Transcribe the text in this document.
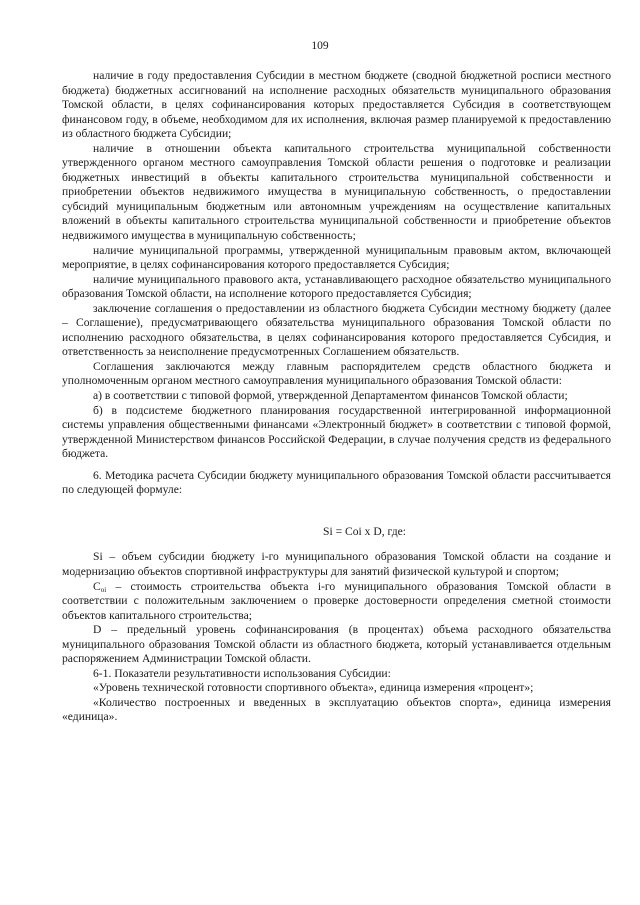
109

наличие в году предоставления Субсидии в местном бюджете (сводной бюджетной росписи местного бюджета) бюджетных ассигнований на исполнение расходных обязательств муниципального образования Томской области, в целях софинансирования которых предоставляется Субсидия в соответствующем финансовом году, в объеме, необходимом для их исполнения, включая размер планируемой к предоставлению из областного бюджета Субсидии;

наличие в отношении объекта капитального строительства муниципальной собственности утвержденного органом местного самоуправления Томской области решения о подготовке и реализации бюджетных инвестиций в объекты капитального строительства муниципальной собственности и приобретении объектов недвижимого имущества в муниципальную собственность, о предоставлении субсидий муниципальным бюджетным или автономным учреждениям на осуществление капитальных вложений в объекты капитального строительства муниципальной собственности и приобретение объектов недвижимого имущества в муниципальную собственность;

наличие муниципальной программы, утвержденной муниципальным правовым актом, включающей мероприятие, в целях софинансирования которого предоставляется Субсидия;

наличие муниципального правового акта, устанавливающего расходное обязательство муниципального образования Томской области, на исполнение которого предоставляется Субсидия;

заключение соглашения о предоставлении из областного бюджета Субсидии местному бюджету (далее – Соглашение), предусматривающего обязательства муниципального образования Томской области по исполнению расходного обязательства, в целях софинансирования которого предоставляется Субсидия, и ответственность за неисполнение предусмотренных Соглашением обязательств.

Соглашения заключаются между главным распорядителем средств областного бюджета и уполномоченным органом местного самоуправления муниципального образования Томской области:

а) в соответствии с типовой формой, утвержденной Департаментом финансов Томской области;

б) в подсистеме бюджетного планирования государственной интегрированной информационной системы управления общественными финансами «Электронный бюджет» в соответствии с типовой формой, утвержденной Министерством финансов Российской Федерации, в случае получения средств из федерального бюджета.

6. Методика расчета Субсидии бюджету муниципального образования Томской области рассчитывается по следующей формуле:

Si = Coi x D, где:

Si – объем субсидии бюджету i-го муниципального образования Томской области на создание и модернизацию объектов спортивной инфраструктуры для занятий физической культурой и спортом;

$C_{oi}$ – стоимость строительства объекта i-го муниципального образования Томской области в соответствии с положительным заключением о проверке достоверности определения сметной стоимости объектов капитального строительства;

D – предельный уровень софинансирования (в процентах) объема расходного обязательства муниципального образования Томской области из областного бюджета, который устанавливается отдельным распоряжением Администрации Томской области.

6-1. Показатели результативности использования Субсидии:

«Уровень технической готовности спортивного объекта», единица измерения «процент»;

«Количество построенных и введенных в эксплуатацию объектов спорта», единица измерения «единица».
